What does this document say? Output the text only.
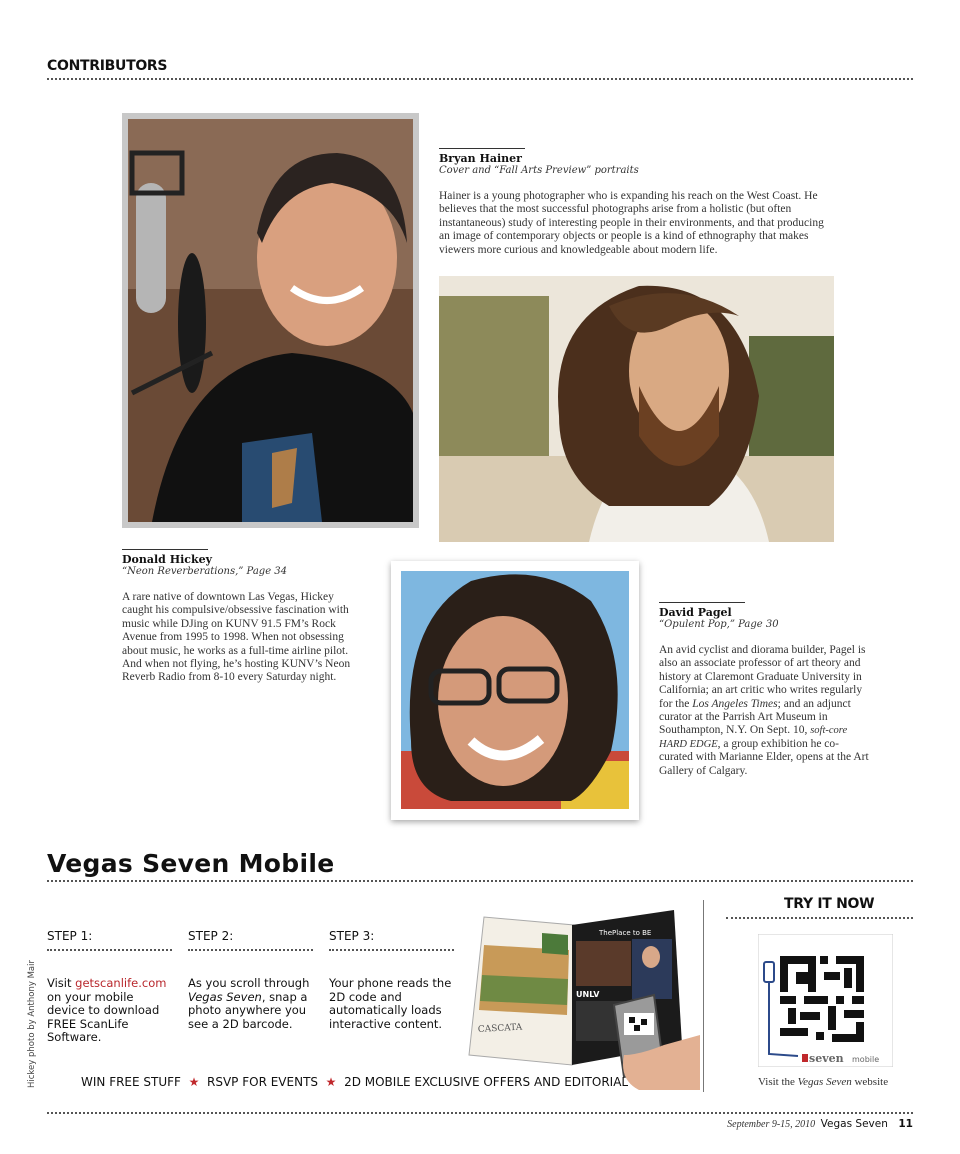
CONTRIBUTORS
Bryan Hainer
Cover and “Fall Arts Preview” portraits
Hainer is a young photographer who is expanding his reach on the West Coast. He believes that the most successful photographs arise from a holistic (but often instantaneous) study of interesting people in their environments, and that producing an image of contemporary objects or people is a kind of ethnography that makes viewers more curious and knowledgeable about modern life.
Donald Hickey
“Neon Reverberations,” Page 34
A rare native of downtown Las Vegas, Hickey caught his compulsive/obsessive fascination with music while DJing on KUNV 91.5 FM’s Rock Avenue from 1995 to 1998. When not obsessing about music, he works as a full-time airline pilot. And when not flying, he’s hosting KUNV’s Neon Reverb Radio from 8-10 every Saturday night.
David Pagel
“Opulent Pop,” Page 30
An avid cyclist and diorama builder, Pagel is also an associate professor of art theory and history at Claremont Graduate University in California; an art critic who writes regularly for the Los Angeles Times; and an adjunct curator at the Parrish Art Museum in Southampton, N.Y. On Sept. 10, soft-core HARD EDGE, a group exhibition he co-curated with Marianne Elder, opens at the Art Gallery of Calgary.
Vegas Seven Mobile
STEP 1:
Visit getscanlife.com on your mobile device to download FREE ScanLife Software.
STEP 2:
As you scroll through Vegas Seven, snap a photo anywhere you see a 2D barcode.
STEP 3:
Your phone reads the 2D code and automatically loads interactive content.	CASCATA
ThePlace to BE
UNLV
TRY IT NOW
seven mobile
Visit the Vegas Seven website
WIN FREE STUFF  ★  RSVP FOR EVENTS  ★  2D MOBILE EXCLUSIVE OFFERS AND EDITORIAL
Hickey photo by Anthony Mair
September 9-15, 2010 Vegas Seven 11
